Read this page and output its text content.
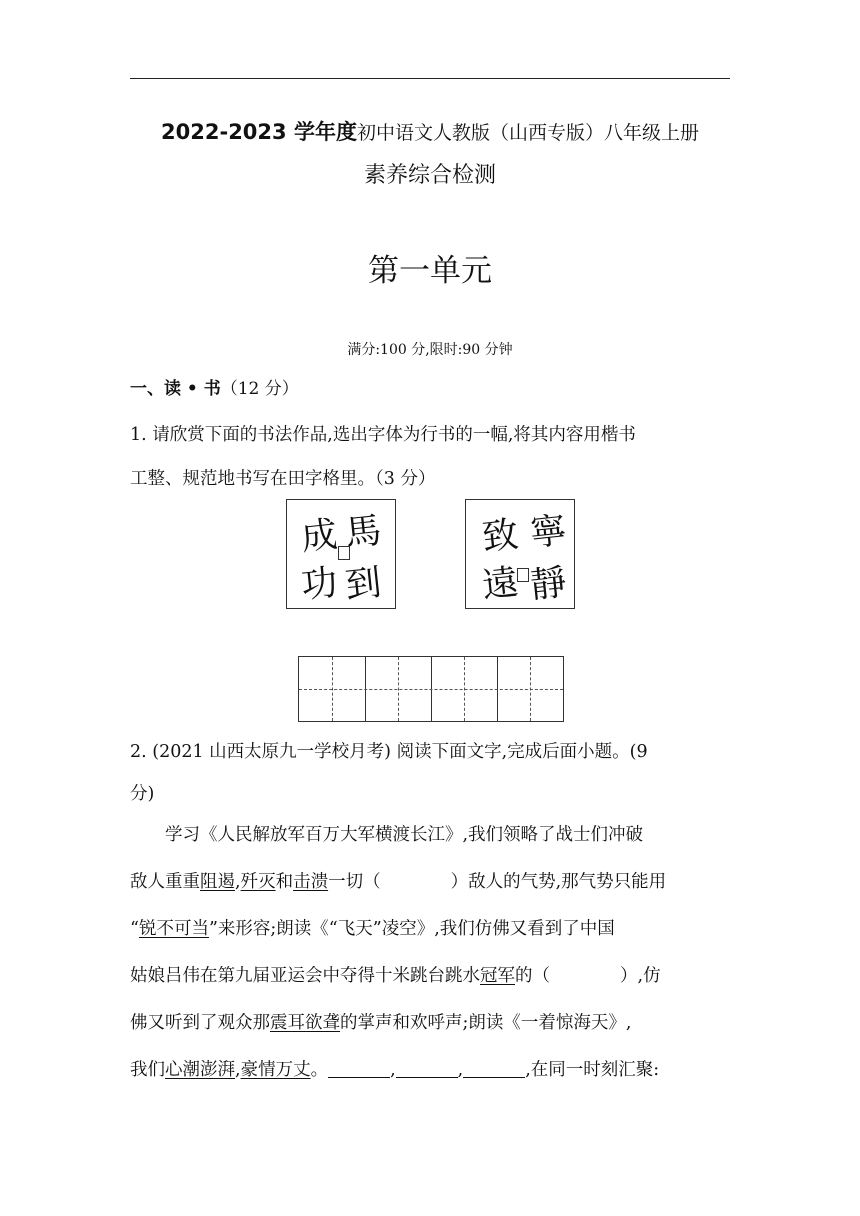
2022-2023 学年度初中语文人教版（山西专版）八年级上册
素养综合检测
第一单元
满分:100 分,限时:90 分钟
一、读 • 书（12 分）
1. 请欣赏下面的书法作品,选出字体为行书的一幅,将其内容用楷书
工整、规范地书写在田字格里。（3 分）
成 馬
功 到
致 寧
遠 靜
2. (2021 山西太原九一学校月考) 阅读下面文字,完成后面小题。(9
分)
学习《人民解放军百万大军横渡长江》,我们领略了战士们冲破
敌人重重阻遏,歼灭和击溃一切（	）敌人的气势,那气势只能用
“锐不可当”来形容;朗读《“飞天”凌空》,我们仿佛又看到了中国
姑娘吕伟在第九届亚运会中夺得十米跳台跳水冠军的（	）,仿
佛又听到了观众那震耳欲聋的掌声和欢呼声;朗读《一着惊海天》,
我们心潮澎湃,豪情万丈。	,	,	,在同一时刻汇聚:
